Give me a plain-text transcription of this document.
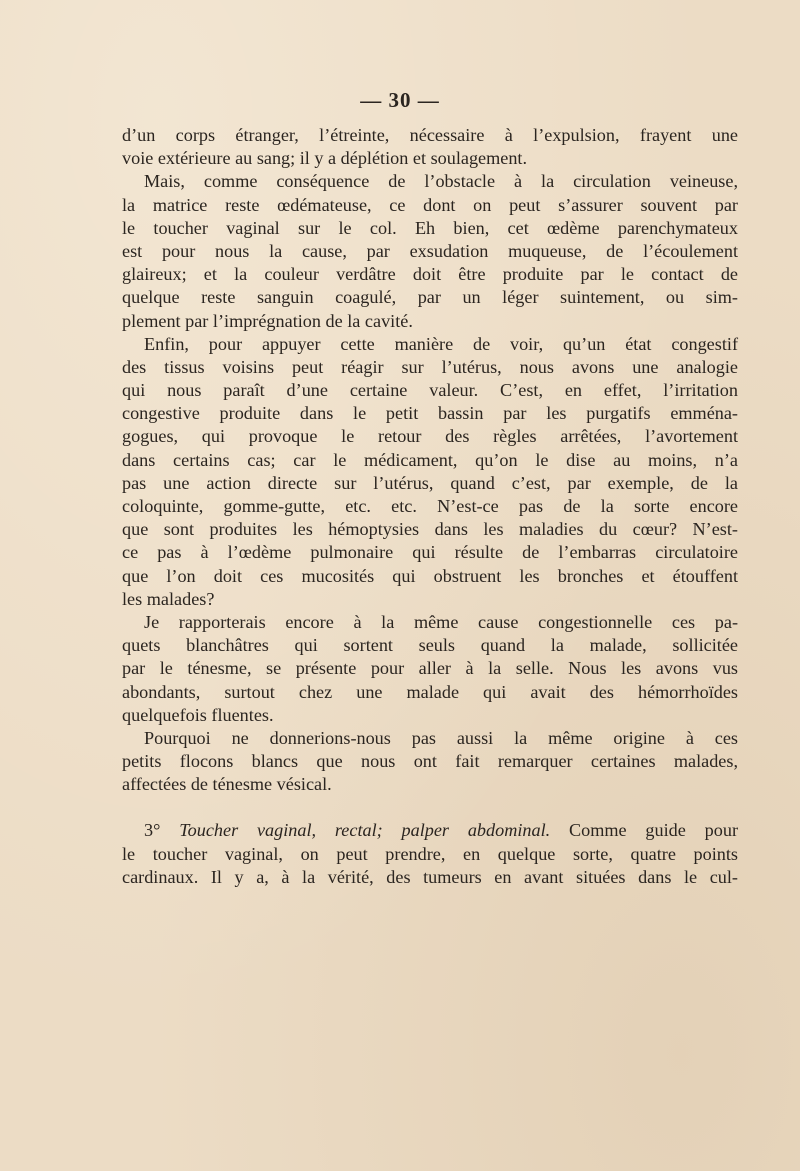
— 30 —
d’un corps étranger, l’étreinte, nécessaire à l’expulsion, frayent une
voie extérieure au sang; il y a déplétion et soulagement.
Mais, comme conséquence de l’obstacle à la circulation veineuse,
la matrice reste œdémateuse, ce dont on peut s’assurer souvent par
le toucher vaginal sur le col. Eh bien, cet œdème parenchymateux
est pour nous la cause, par exsudation muqueuse, de l’écoulement
glaireux; et la couleur verdâtre doit être produite par le contact de
quelque reste sanguin coagulé, par un léger suintement, ou sim-
plement par l’imprégnation de la cavité.
Enfin, pour appuyer cette manière de voir, qu’un état congestif
des tissus voisins peut réagir sur l’utérus, nous avons une analogie
qui nous paraît d’une certaine valeur. C’est, en effet, l’irritation
congestive produite dans le petit bassin par les purgatifs emména-
gogues, qui provoque le retour des règles arrêtées, l’avortement
dans certains cas; car le médicament, qu’on le dise au moins, n’a
pas une action directe sur l’utérus, quand c’est, par exemple, de la
coloquinte, gomme-gutte, etc. etc. N’est-ce pas de la sorte encore
que sont produites les hémoptysies dans les maladies du cœur? N’est-
ce pas à l’œdème pulmonaire qui résulte de l’embarras circulatoire
que l’on doit ces mucosités qui obstruent les bronches et étouffent
les malades?
Je rapporterais encore à la même cause congestionnelle ces pa-
quets blanchâtres qui sortent seuls quand la malade, sollicitée
par le ténesme, se présente pour aller à la selle. Nous les avons vus
abondants, surtout chez une malade qui avait des hémorrhoïdes
quelquefois fluentes.
Pourquoi ne donnerions-nous pas aussi la même origine à ces
petits flocons blancs que nous ont fait remarquer certaines malades,
affectées de ténesme vésical.
3° Toucher vaginal, rectal; palper abdominal. Comme guide pour
le toucher vaginal, on peut prendre, en quelque sorte, quatre points
cardinaux. Il y a, à la vérité, des tumeurs en avant situées dans le cul-
